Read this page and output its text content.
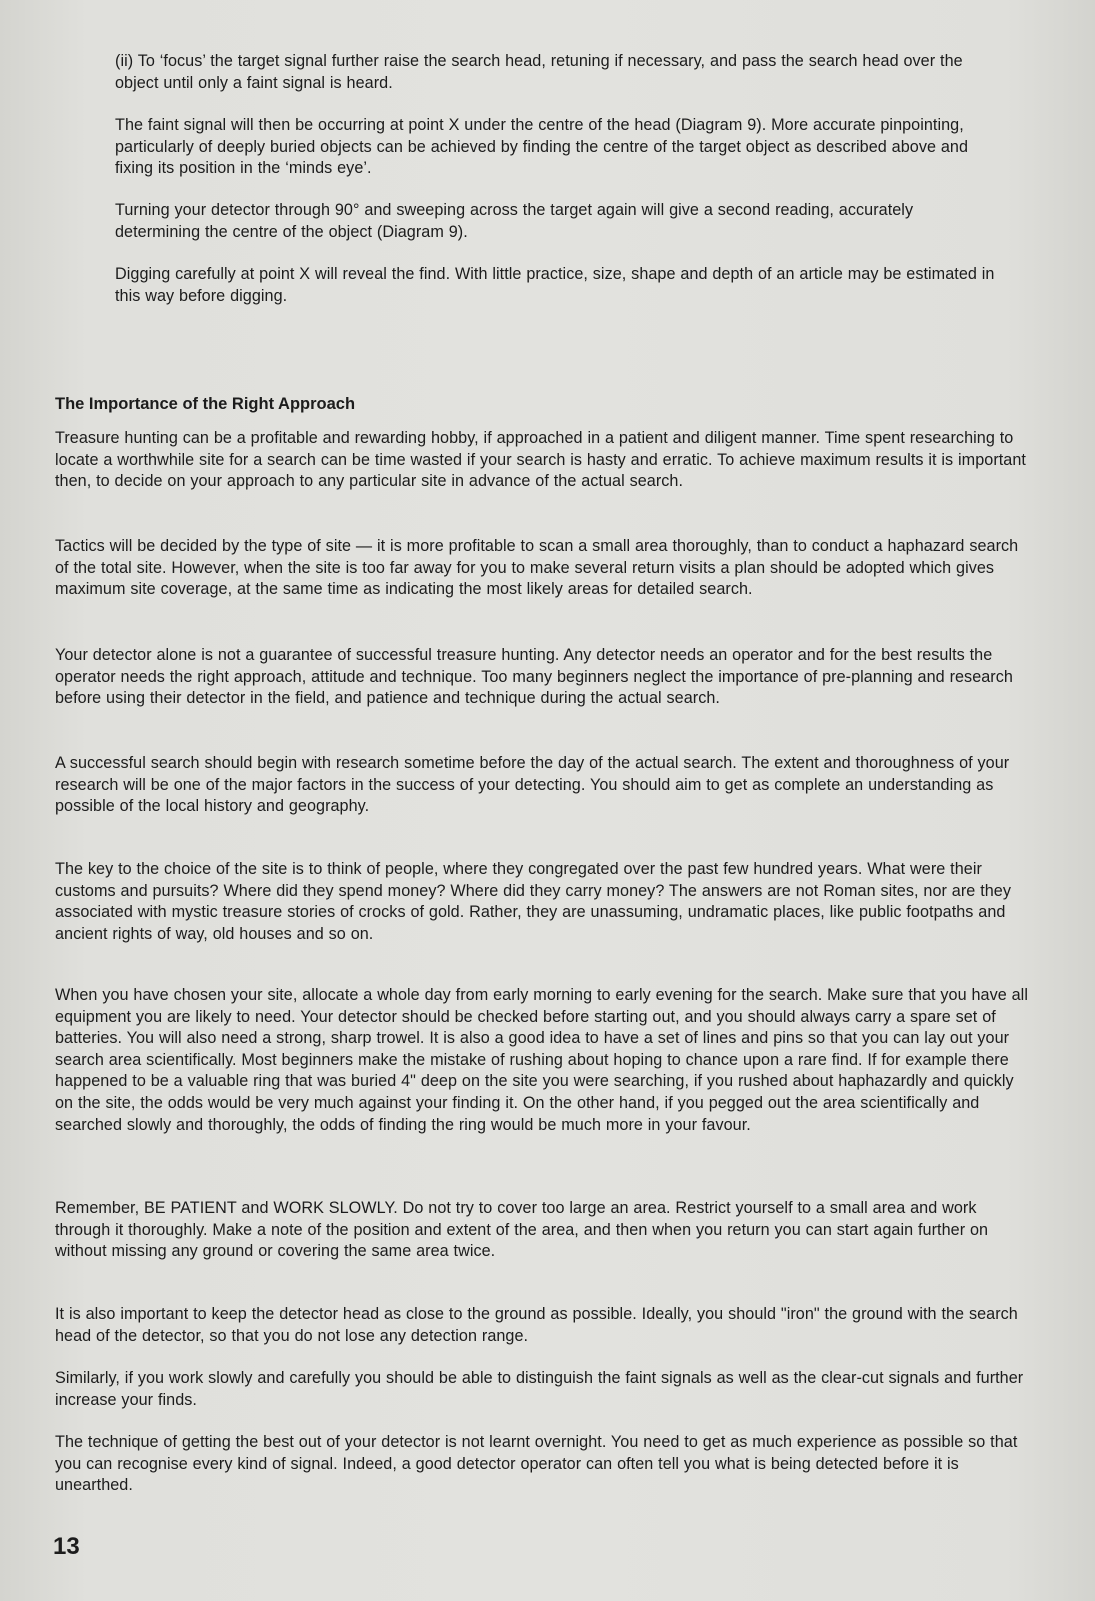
(ii) To ‘focus’ the target signal further raise the search head, retuning if necessary, and pass the search head over the object until only a faint signal is heard.

The faint signal will then be occurring at point X under the centre of the head (Diagram 9). More accurate pinpointing, particularly of deeply buried objects can be achieved by finding the centre of the target object as described above and fixing its position in the ‘minds eye’.

Turning your detector through 90° and sweeping across the target again will give a second reading, accurately determining the centre of the object (Diagram 9).

Digging carefully at point X will reveal the find. With little practice, size, shape and depth of an article may be estimated in this way before digging.

The Importance of the Right Approach

Treasure hunting can be a profitable and rewarding hobby, if approached in a patient and diligent manner. Time spent researching to locate a worthwhile site for a search can be time wasted if your search is hasty and erratic. To achieve maximum results it is important then, to decide on your approach to any particular site in advance of the actual search.

Tactics will be decided by the type of site — it is more profitable to scan a small area thoroughly, than to conduct a haphazard search of the total site. However, when the site is too far away for you to make several return visits a plan should be adopted which gives maximum site coverage, at the same time as indicating the most likely areas for detailed search.

Your detector alone is not a guarantee of successful treasure hunting. Any detector needs an operator and for the best results the operator needs the right approach, attitude and technique. Too many beginners neglect the importance of pre-planning and research before using their detector in the field, and patience and technique during the actual search.

A successful search should begin with research sometime before the day of the actual search. The extent and thoroughness of your research will be one of the major factors in the success of your detecting. You should aim to get as complete an understanding as possible of the local history and geography.

The key to the choice of the site is to think of people, where they congregated over the past few hundred years. What were their customs and pursuits? Where did they spend money? Where did they carry money? The answers are not Roman sites, nor are they associated with mystic treasure stories of crocks of gold. Rather, they are unassuming, undramatic places, like public footpaths and ancient rights of way, old houses and so on.

When you have chosen your site, allocate a whole day from early morning to early evening for the search. Make sure that you have all equipment you are likely to need. Your detector should be checked before starting out, and you should always carry a spare set of batteries. You will also need a strong, sharp trowel. It is also a good idea to have a set of lines and pins so that you can lay out your search area scientifically. Most beginners make the mistake of rushing about hoping to chance upon a rare find. If for example there happened to be a valuable ring that was buried 4" deep on the site you were searching, if you rushed about haphazardly and quickly on the site, the odds would be very much against your finding it. On the other hand, if you pegged out the area scientifically and searched slowly and thoroughly, the odds of finding the ring would be much more in your favour.

Remember, BE PATIENT and WORK SLOWLY. Do not try to cover too large an area. Restrict yourself to a small area and work through it thoroughly. Make a note of the position and extent of the area, and then when you return you can start again further on without missing any ground or covering the same area twice.

It is also important to keep the detector head as close to the ground as possible. Ideally, you should "iron" the ground with the search head of the detector, so that you do not lose any detection range.

Similarly, if you work slowly and carefully you should be able to distinguish the faint signals as well as the clear-cut signals and further increase your finds.

The technique of getting the best out of your detector is not learnt overnight. You need to get as much experience as possible so that you can recognise every kind of signal. Indeed, a good detector operator can often tell you what is being detected before it is unearthed.

13
